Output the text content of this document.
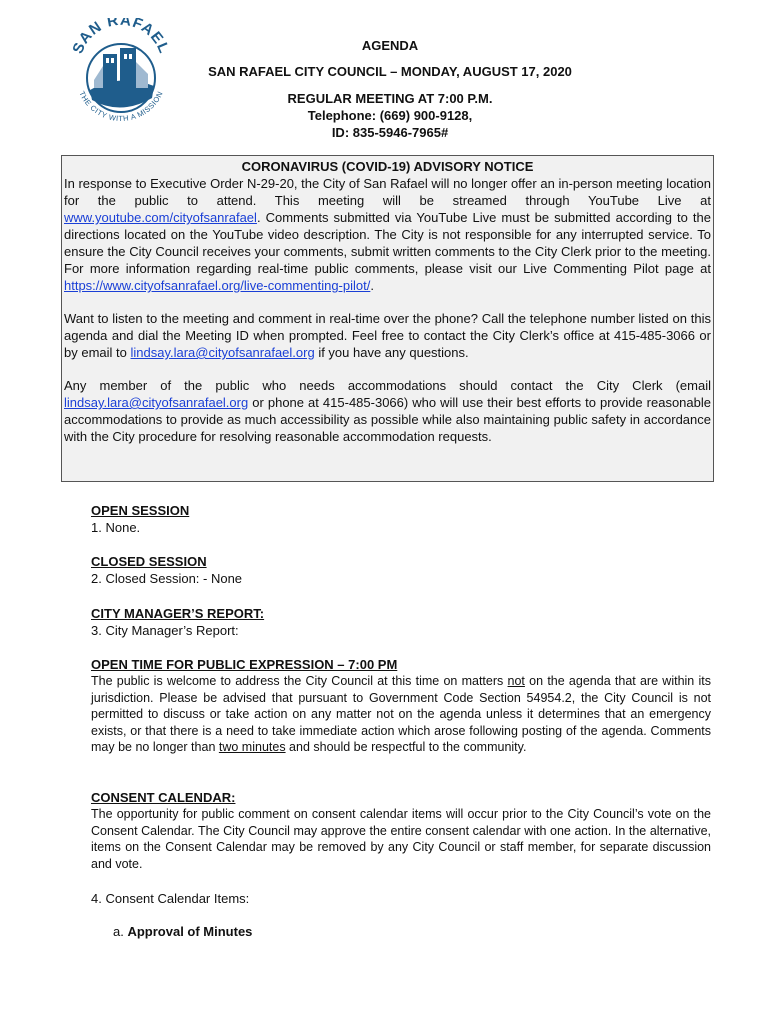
SAN RAFAEL
THE CITY WITH A MISSION
AGENDA
SAN RAFAEL CITY COUNCIL – MONDAY, AUGUST 17, 2020
REGULAR MEETING AT 7:00 P.M.
Telephone: (669) 900-9128,
ID: 835-5946-7965#
CORONAVIRUS (COVID-19) ADVISORY NOTICE

In response to Executive Order N-29-20, the City of San Rafael will no longer offer an in-person meeting location for the public to attend. This meeting will be streamed through YouTube Live at www.youtube.com/cityofsanrafael. Comments submitted via YouTube Live must be submitted according to the directions located on the YouTube video description. The City is not responsible for any interrupted service. To ensure the City Council receives your comments, submit written comments to the City Clerk prior to the meeting. For more information regarding real-time public comments, please visit our Live Commenting Pilot page at https://www.cityofsanrafael.org/live-commenting-pilot/.

Want to listen to the meeting and comment in real-time over the phone? Call the telephone number listed on this agenda and dial the Meeting ID when prompted. Feel free to contact the City Clerk’s office at 415-485-3066 or by email to lindsay.lara@cityofsanrafael.org if you have any questions.

Any member of the public who needs accommodations should contact the City Clerk (email lindsay.lara@cityofsanrafael.org or phone at 415-485-3066) who will use their best efforts to provide reasonable accommodations to provide as much accessibility as possible while also maintaining public safety in accordance with the City procedure for resolving reasonable accommodation requests.

OPEN SESSION
1. None.
CLOSED SESSION
2. Closed Session: - None
CITY MANAGER’S REPORT:
3. City Manager’s Report:
OPEN TIME FOR PUBLIC EXPRESSION – 7:00 PM
The public is welcome to address the City Council at this time on matters not on the agenda that are within its jurisdiction. Please be advised that pursuant to Government Code Section 54954.2, the City Council is not permitted to discuss or take action on any matter not on the agenda unless it determines that an emergency exists, or that there is a need to take immediate action which arose following posting of the agenda. Comments may be no longer than two minutes and should be respectful to the community.
CONSENT CALENDAR:
The opportunity for public comment on consent calendar items will occur prior to the City Council’s vote on the Consent Calendar. The City Council may approve the entire consent calendar with one action. In the alternative, items on the Consent Calendar may be removed by any City Council or staff member, for separate discussion and vote.
4. Consent Calendar Items:
a. Approval of Minutes
